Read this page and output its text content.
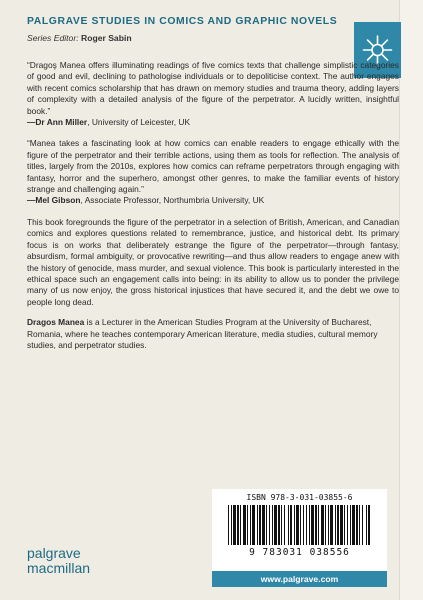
PALGRAVE STUDIES IN COMICS AND GRAPHIC NOVELS
Series Editor: Roger Sabin

“Dragoş Manea offers illuminating readings of five comics texts that challenge simplistic categories of good and evil, declining to pathologise individuals or to depoliticise context. The author engages with recent comics scholarship that has drawn on memory studies and trauma theory, adding layers of complexity with a detailed analysis of the figure of the perpetrator. A lucidly written, insightful book.”

—Dr Ann Miller, University of Leicester, UK

“Manea takes a fascinating look at how comics can enable readers to engage ethically with the figure of the perpetrator and their terrible actions, using them as tools for reflection. The analysis of titles, largely from the 2010s, explores how comics can reframe perpetrators through engaging with fantasy, horror and the superhero, amongst other genres, to make the familiar events of history strange and challenging again.”

—Mel Gibson, Associate Professor, Northumbria University, UK

This book foregrounds the figure of the perpetrator in a selection of British, American, and Canadian comics and explores questions related to remembrance, justice, and historical debt. Its primary focus is on works that deliberately estrange the figure of the perpetrator—through fantasy, absurdism, formal ambiguity, or provocative rewriting—and thus allow readers to engage anew with the history of genocide, mass murder, and sexual violence. This book is particularly interested in the ethical space such an engagement calls into being: in its ability to allow us to ponder the privilege many of us now enjoy, the gross historical injustices that have secured it, and the debt we owe to people long dead.

Dragos Manea is a Lecturer in the American Studies Program at the University of Bucharest, Romania, where he teaches contemporary American literature, media studies, cultural memory studies, and perpetrator studies.

ISBN 978-3-031-03855-6
9 783031 038556
www.palgrave.com
palgrave
macmillan
